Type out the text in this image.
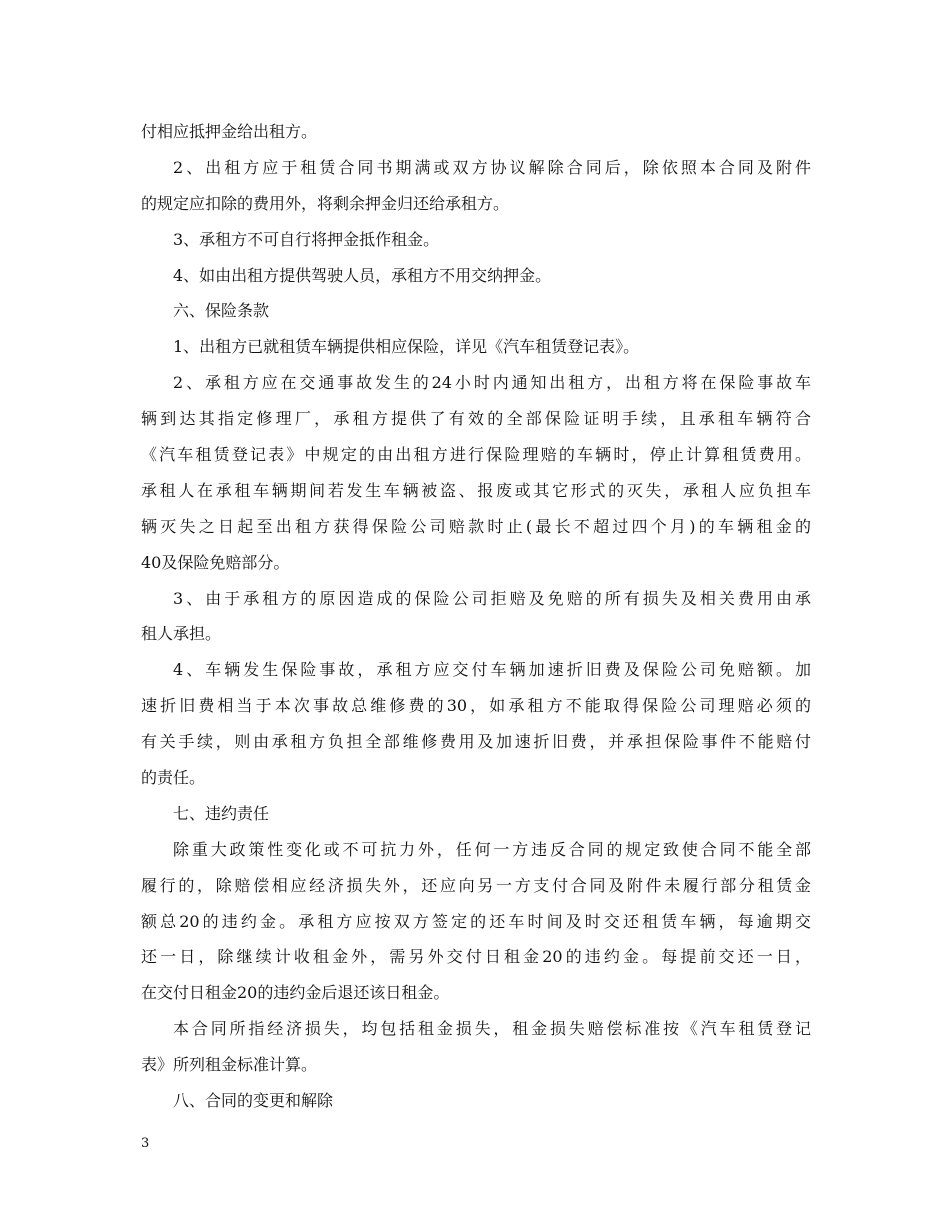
付相应抵押金给出租方。
2、出租方应于租赁合同书期满或双方协议解除合同后，除依照本合同及附件
的规定应扣除的费用外，将剩余押金归还给承租方。
3、承租方不可自行将押金抵作租金。
4、如由出租方提供驾驶人员，承租方不用交纳押金。
六、保险条款
1、出租方已就租赁车辆提供相应保险，详见《汽车租赁登记表》。
2、承租方应在交通事故发生的24小时内通知出租方，出租方将在保险事故车
辆到达其指定修理厂，承租方提供了有效的全部保险证明手续，且承租车辆符合
《汽车租赁登记表》中规定的由出租方进行保险理赔的车辆时，停止计算租赁费用。
承租人在承租车辆期间若发生车辆被盗、报废或其它形式的灭失，承租人应负担车
辆灭失之日起至出租方获得保险公司赔款时止(最长不超过四个月)的车辆租金的
40及保险免赔部分。
3、由于承租方的原因造成的保险公司拒赔及免赔的所有损失及相关费用由承
租人承担。
4、车辆发生保险事故，承租方应交付车辆加速折旧费及保险公司免赔额。加
速折旧费相当于本次事故总维修费的30，如承租方不能取得保险公司理赔必须的
有关手续，则由承租方负担全部维修费用及加速折旧费，并承担保险事件不能赔付
的责任。
七、违约责任
除重大政策性变化或不可抗力外，任何一方违反合同的规定致使合同不能全部
履行的，除赔偿相应经济损失外，还应向另一方支付合同及附件未履行部分租赁金
额总20的违约金。承租方应按双方签定的还车时间及时交还租赁车辆，每逾期交
还一日，除继续计收租金外，需另外交付日租金20的违约金。每提前交还一日，
在交付日租金20的违约金后退还该日租金。
本合同所指经济损失，均包括租金损失，租金损失赔偿标准按《汽车租赁登记
表》所列租金标准计算。
八、合同的变更和解除
3
